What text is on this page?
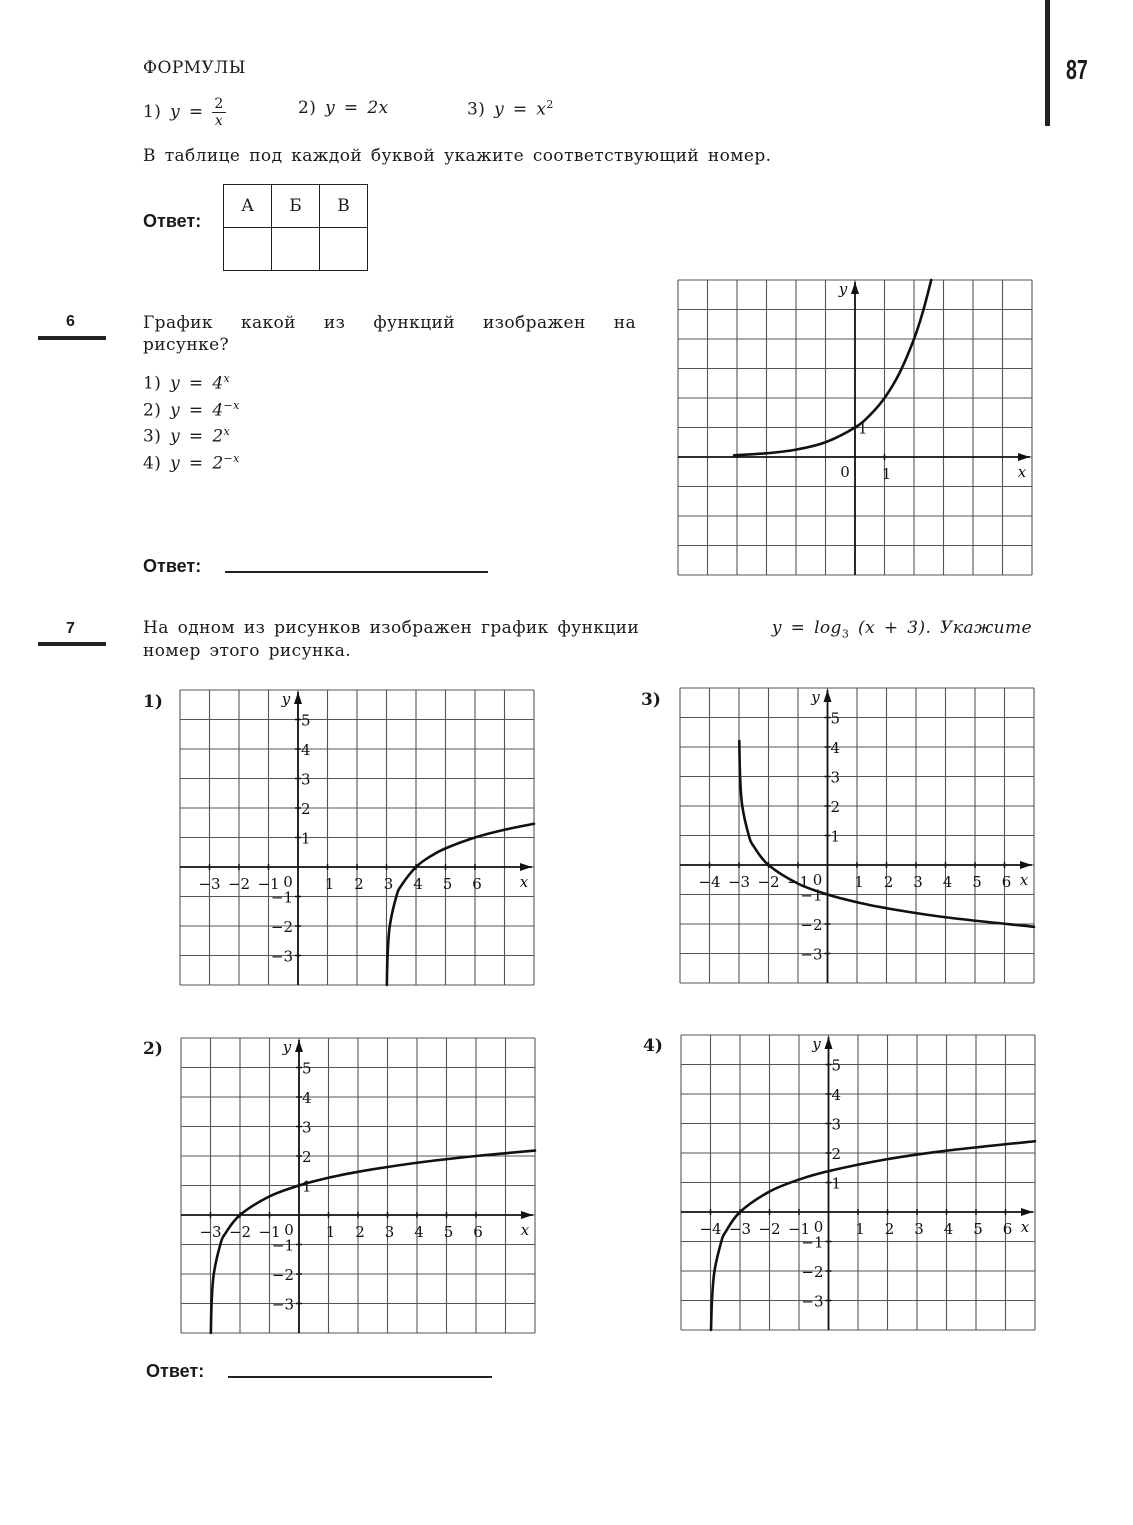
87
ФОРМУЛЫ
1) $y = \frac{2}{x}$	2) y = 2x	3) $y = x^2$
В таблице под каждой буквой укажите соответствующий номер.
Ответ:
А	Б	В

6	График какой из функций изображен на
рисунке?
1) $y = 4^x$
2) $y = 4^{-x}$
3) $y = 2^x$
4) $y = 2^{-x}$
Ответ:
1
1
0	x
y
7	На одном из рисунков изображен график функции	$y = \log_3 (x + 3)$. Укажите
номер этого рисунка.
1)
−3 −2 −1	1 2 3 4 5 6
5
4
3
2
1
−1
−2
−3
0	x
y	3)
−4 −3 −2 −1	1 2 3 4 5 6
5
4
3
2
1
−1
−2
−3
0	x
y
2)
−3 −2 −1	1 2 3 4 5 6
5
4
3
2
1
−1
−2
−3
0	x
y	4)
−4 −3 −2 −1	1 2 3 4 5 6
5
4
3
2
1
−1
−2
−3
0	x
y
Ответ:
